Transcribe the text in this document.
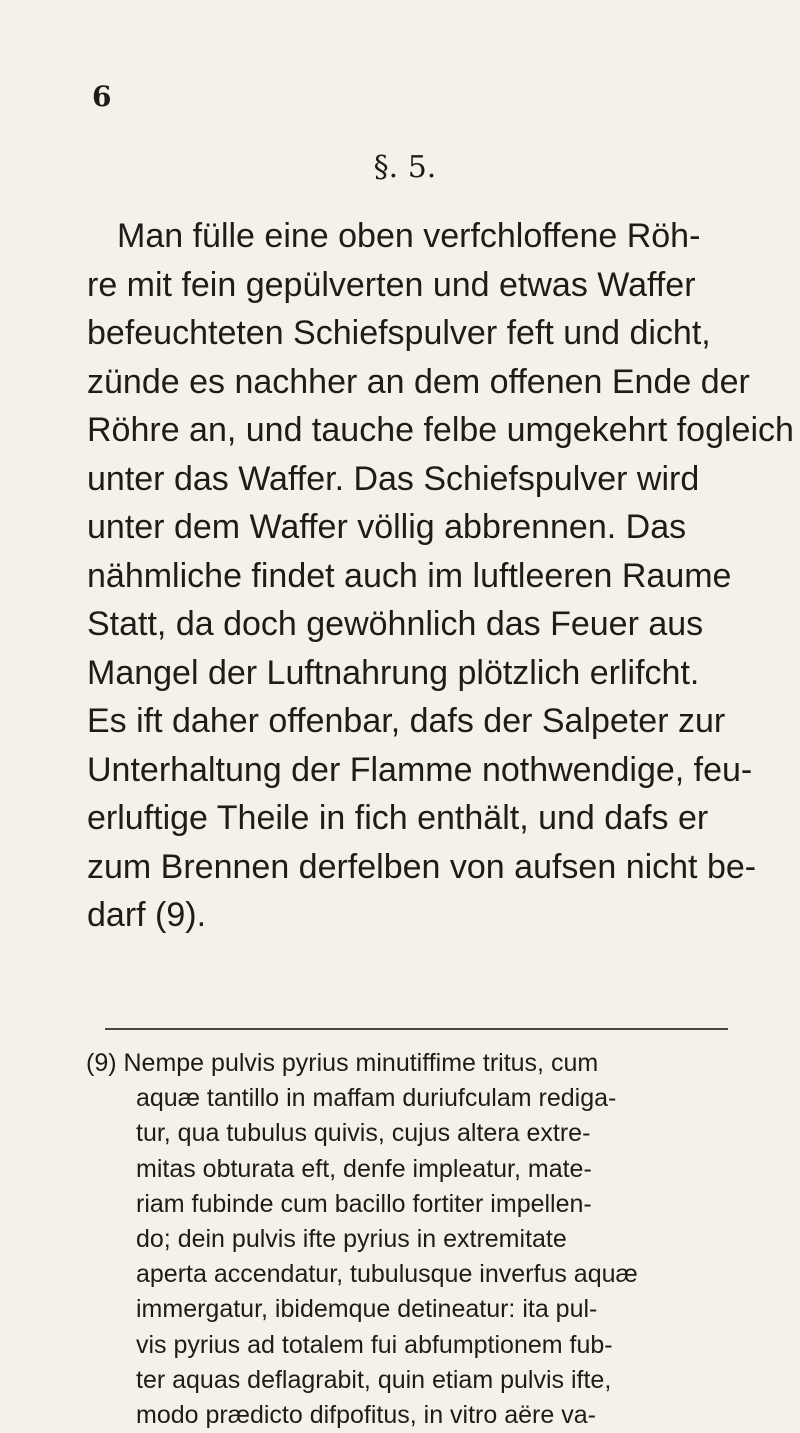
6
§. 5.
Man fülle eine oben verfchloffene Röh-
re mit fein gepülverten und etwas Waffer
befeuchteten Schiefspulver feft und dicht,
zünde es nachher an dem offenen Ende der
Röhre an, und tauche felbe umgekehrt fogleich
unter das Waffer. Das Schiefspulver wird
unter dem Waffer völlig abbrennen. Das
nähmliche findet auch im luftleeren Raume
Statt, da doch gewöhnlich das Feuer aus
Mangel der Luftnahrung plötzlich erlifcht.
Es ift daher offenbar, dafs der Salpeter zur
Unterhaltung der Flamme nothwendige, feu-
erluftige Theile in fich enthält, und dafs er
zum Brennen derfelben von aufsen nicht be-
darf (9).
(9) Nempe pulvis pyrius minutiffime tritus, cum
aquæ tantillo in maffam duriufculam rediga-
tur, qua tubulus quivis, cujus altera extre-
mitas obturata eft, denfe impleatur, mate-
riam fubinde cum bacillo fortiter impellen-
do; dein pulvis ifte pyrius in extremitate
aperta accendatur, tubulusque inverfus aquæ
immergatur, ibidemque detineatur: ita pul-
vis pyrius ad totalem fui abfumptionem fub-
ter aquas deflagrabit, quin etiam pulvis ifte,
modo prædicto difpofitus, in vitro aëre va-
